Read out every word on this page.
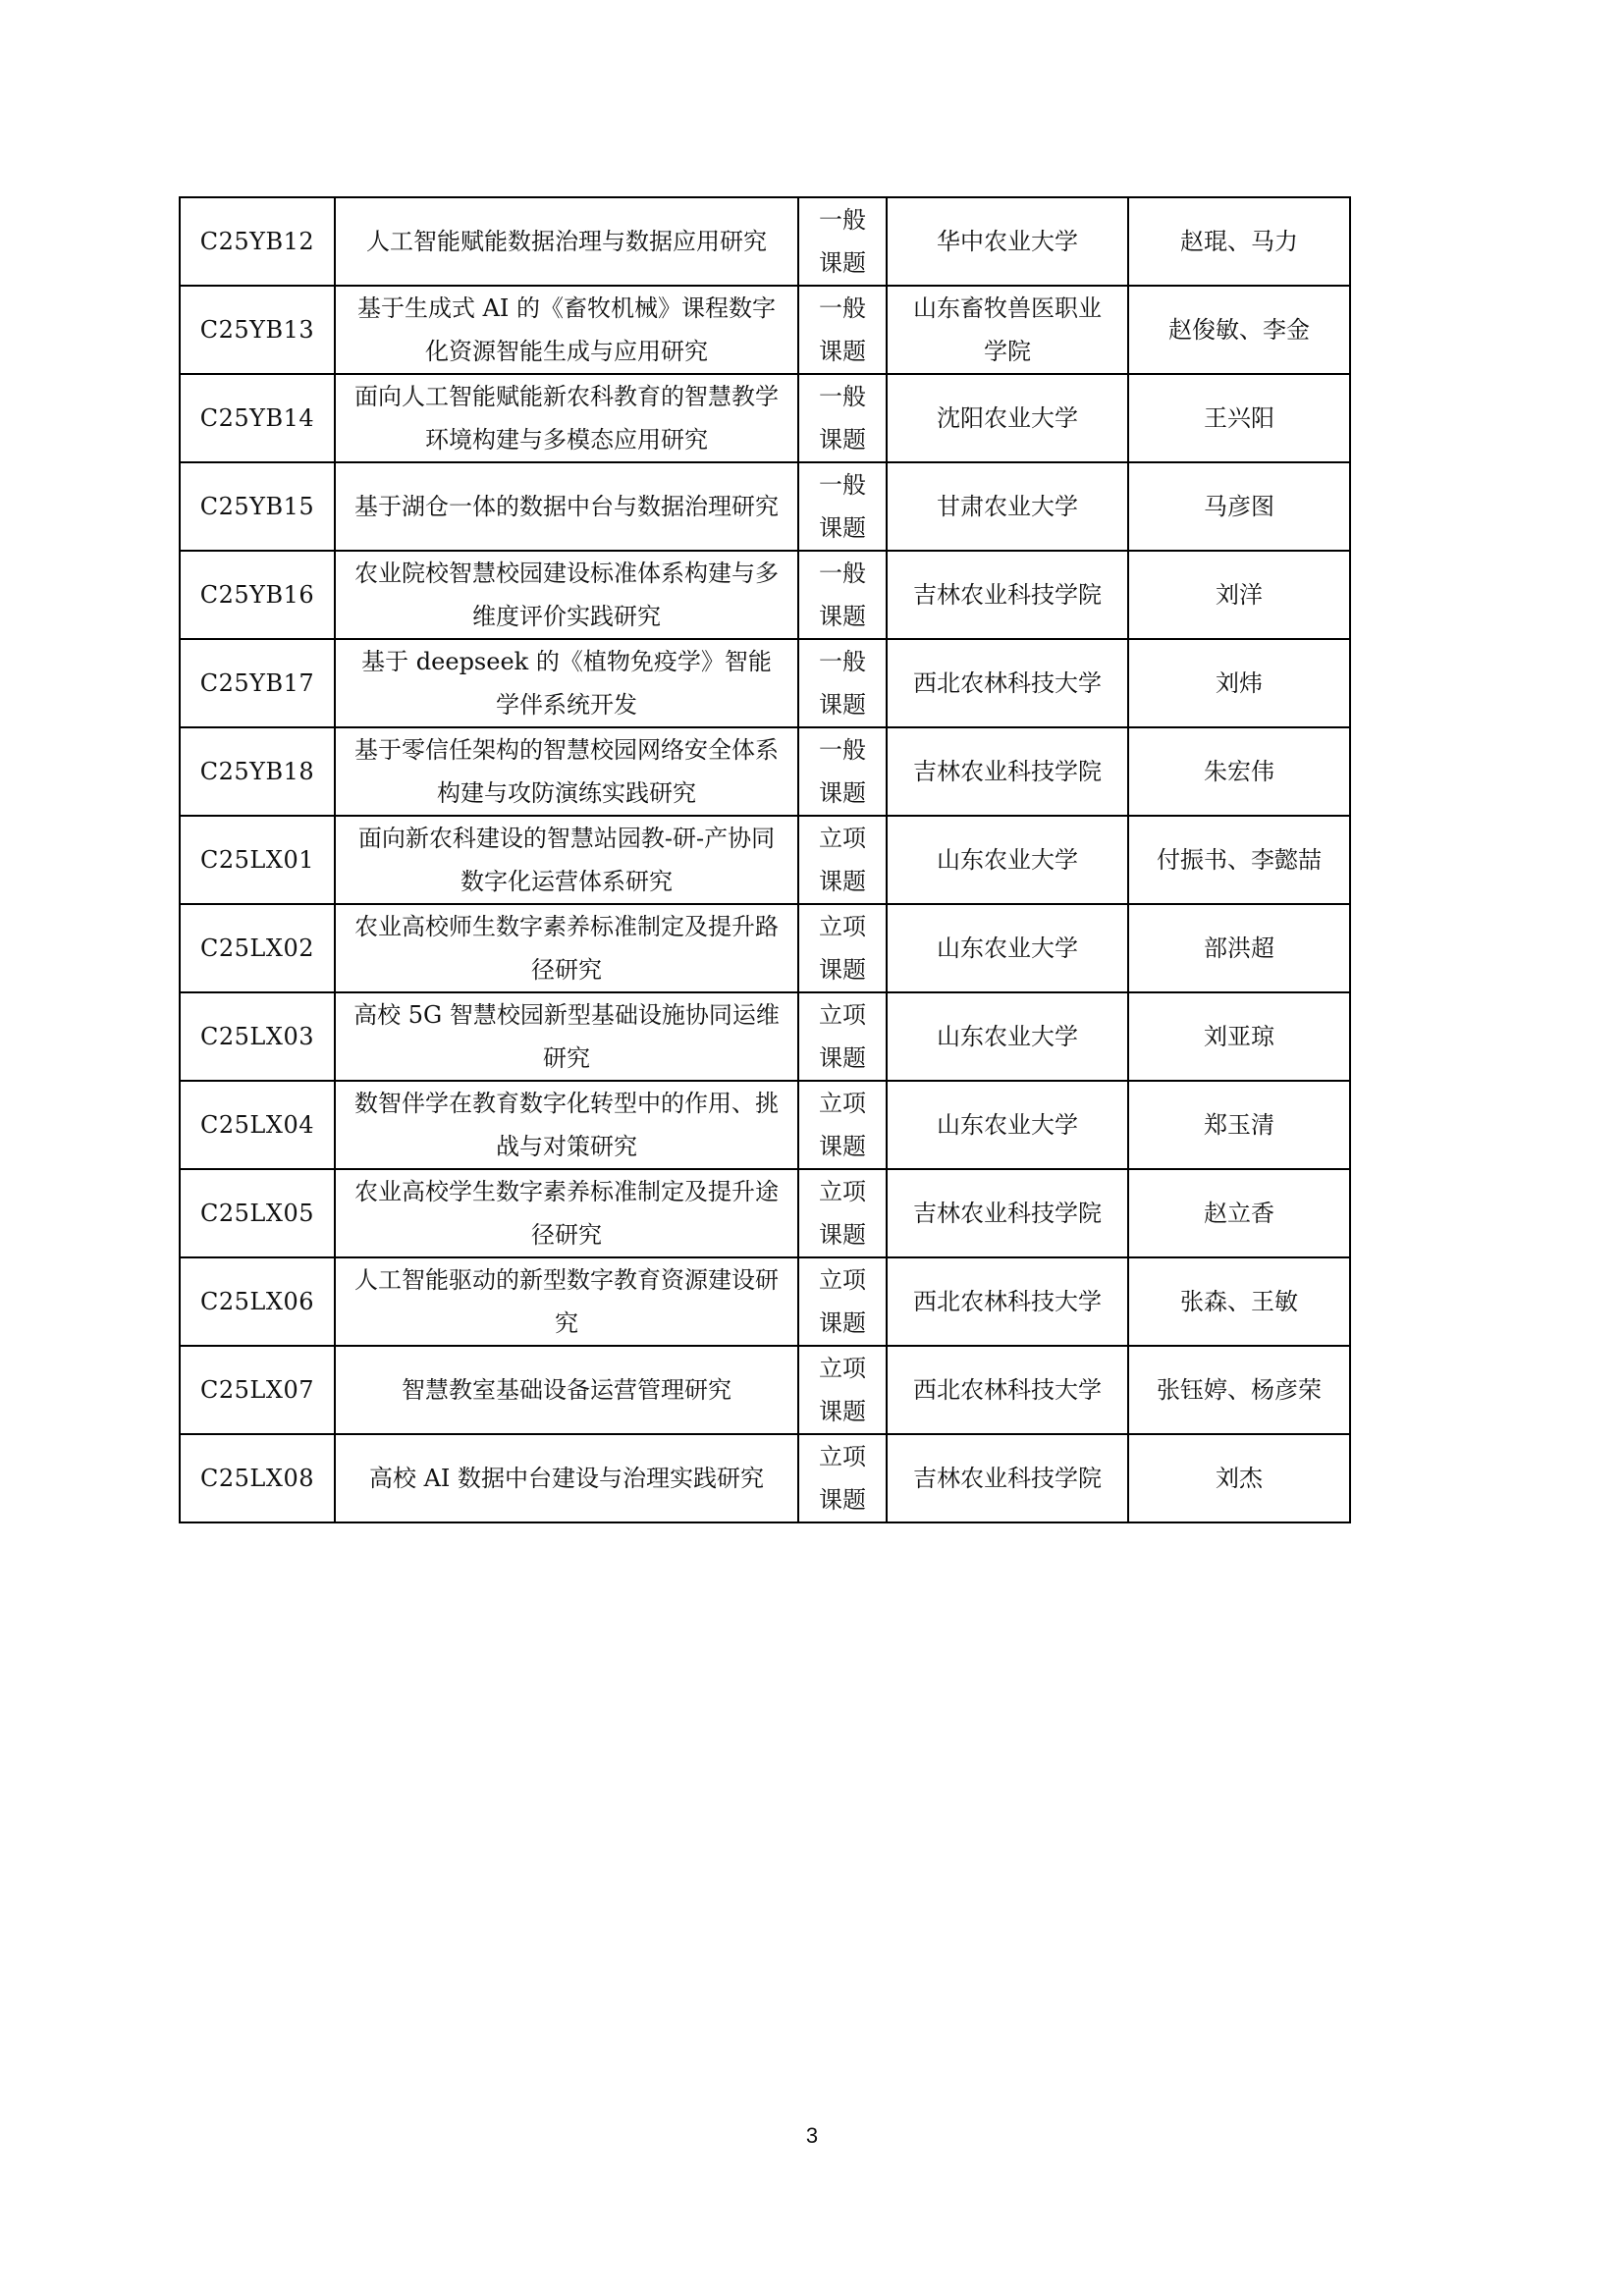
C25YB12	人工智能赋能数据治理与数据应用研究	一般课题	华中农业大学	赵琨、马力
C25YB13	基于生成式 AI 的《畜牧机械》课程数字化资源智能生成与应用研究	一般课题	山东畜牧兽医职业学院	赵俊敏、李金
C25YB14	面向人工智能赋能新农科教育的智慧教学环境构建与多模态应用研究	一般课题	沈阳农业大学	王兴阳
C25YB15	基于湖仓一体的数据中台与数据治理研究	一般课题	甘肃农业大学	马彦图
C25YB16	农业院校智慧校园建设标准体系构建与多维度评价实践研究	一般课题	吉林农业科技学院	刘洋
C25YB17	基于 deepseek 的《植物免疫学》智能学伴系统开发	一般课题	西北农林科技大学	刘炜
C25YB18	基于零信任架构的智慧校园网络安全体系构建与攻防演练实践研究	一般课题	吉林农业科技学院	朱宏伟
C25LX01	面向新农科建设的智慧站园教-研-产协同数字化运营体系研究	立项课题	山东农业大学	付振书、李懿喆
C25LX02	农业高校师生数字素养标准制定及提升路径研究	立项课题	山东农业大学	部洪超
C25LX03	高校 5G 智慧校园新型基础设施协同运维研究	立项课题	山东农业大学	刘亚琼
C25LX04	数智伴学在教育数字化转型中的作用、挑战与对策研究	立项课题	山东农业大学	郑玉清
C25LX05	农业高校学生数字素养标准制定及提升途径研究	立项课题	吉林农业科技学院	赵立香
C25LX06	人工智能驱动的新型数字教育资源建设研究	立项课题	西北农林科技大学	张森、王敏
C25LX07	智慧教室基础设备运营管理研究	立项课题	西北农林科技大学	张钰婷、杨彦荣
C25LX08	高校 AI 数据中台建设与治理实践研究	立项课题	吉林农业科技学院	刘杰
3
